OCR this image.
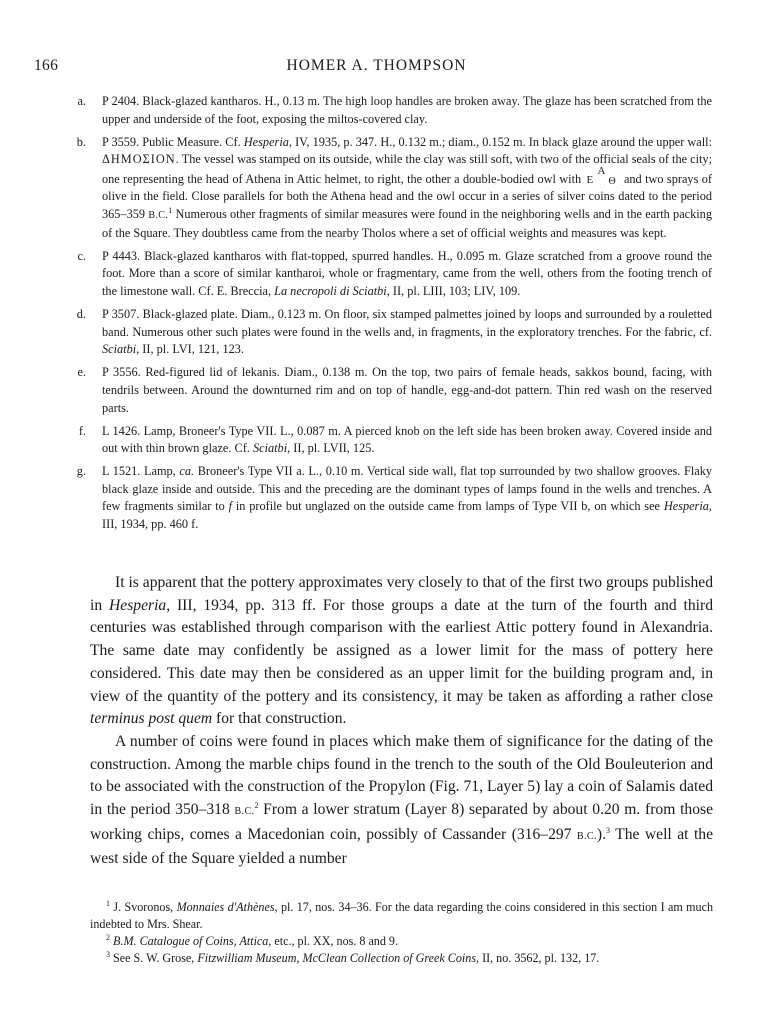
166	HOMER A. THOMPSON
a. P 2404. Black-glazed kantharos. H., 0.13 m. The high loop handles are broken away. The glaze has been scratched from the upper and underside of the foot, exposing the miltos-covered clay.
b. P 3559. Public Measure. Cf. Hesperia, IV, 1935, p. 347. H., 0.132 m.; diam., 0.152 m. In black glaze around the upper wall: ΔΗΜΟΣΙΟΝ. The vessel was stamped on its outside, while the clay was still soft, with two of the official seals of the city; one representing the head of Athena in Attic helmet, to right, the other a double-bodied owl with Ε
Α
Θ and two sprays of olive in the field. Close parallels for both the Athena head and the owl occur in a series of silver coins dated to the period 365–359 B.C.$^1$ Numerous other fragments of similar measures were found in the neighboring wells and in the earth packing of the Square. They doubtless came from the nearby Tholos where a set of official weights and measures was kept.
c. P 4443. Black-glazed kantharos with flat-topped, spurred handles. H., 0.095 m. Glaze scratched from a groove round the foot. More than a score of similar kantharoi, whole or fragmentary, came from the well, others from the footing trench of the limestone wall. Cf. E. Breccia, La necropoli di Sciatbi, II, pl. LIII, 103; LIV, 109.
d. P 3507. Black-glazed plate. Diam., 0.123 m. On floor, six stamped palmettes joined by loops and surrounded by a rouletted band. Numerous other such plates were found in the wells and, in fragments, in the exploratory trenches. For the fabric, cf. Sciatbi, II, pl. LVI, 121, 123.
e. P 3556. Red-figured lid of lekanis. Diam., 0.138 m. On the top, two pairs of female heads, sakkos bound, facing, with tendrils between. Around the downturned rim and on top of handle, egg-and-dot pattern. Thin red wash on the reserved parts.
f. L 1426. Lamp, Broneer's Type VII. L., 0.087 m. A pierced knob on the left side has been broken away. Covered inside and out with thin brown glaze. Cf. Sciatbi, II, pl. LVII, 125.
g. L 1521. Lamp, ca. Broneer's Type VII a. L., 0.10 m. Vertical side wall, flat top surrounded by two shallow grooves. Flaky black glaze inside and outside. This and the preceding are the dominant types of lamps found in the wells and trenches. A few fragments similar to f in profile but unglazed on the outside came from lamps of Type VII b, on which see Hesperia, III, 1934, pp. 460 f.

It is apparent that the pottery approximates very closely to that of the first two groups published in Hesperia, III, 1934, pp. 313 ff. For those groups a date at the turn of the fourth and third centuries was established through comparison with the earliest Attic pottery found in Alexandria. The same date may confidently be assigned as a lower limit for the mass of pottery here considered. This date may then be considered as an upper limit for the building program and, in view of the quantity of the pottery and its consistency, it may be taken as affording a rather close terminus post quem for that construction.

A number of coins were found in places which make them of significance for the dating of the construction. Among the marble chips found in the trench to the south of the Old Bouleuterion and to be associated with the construction of the Propylon (Fig. 71, Layer 5) lay a coin of Salamis dated in the period 350–318 B.C.$^2$ From a lower stratum (Layer 8) separated by about 0.20 m. from those working chips, comes a Macedonian coin, possibly of Cassander (316–297 B.C.).$^3$ The well at the west side of the Square yielded a number

$^1$ J. Svoronos, Monnaies d'Athènes, pl. 17, nos. 34–36. For the data regarding the coins considered in this section I am much indebted to Mrs. Shear.

$^2$ B.M. Catalogue of Coins, Attica, etc., pl. XX, nos. 8 and 9.

$^3$ See S. W. Grose, Fitzwilliam Museum, McClean Collection of Greek Coins, II, no. 3562, pl. 132, 17.
